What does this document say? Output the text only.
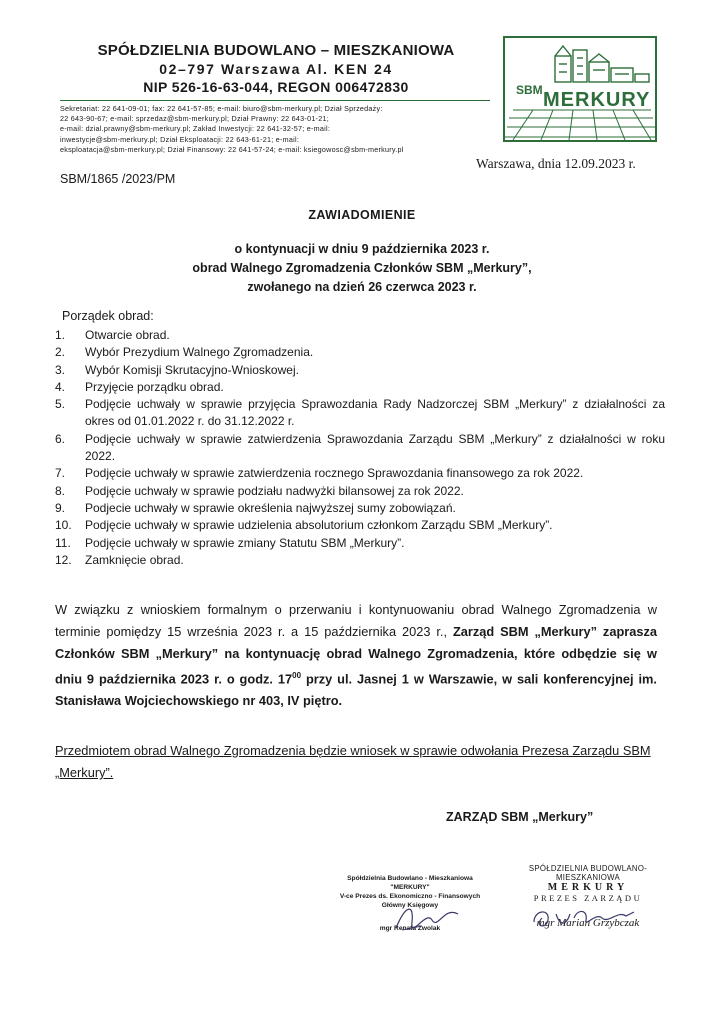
SPÓŁDZIELNIA BUDOWLANO – MIESZKANIOWA
02–797 Warszawa Al. KEN 24
NIP 526-16-63-044, REGON 006472830
Sekretariat: 22 641-09-01; fax: 22 641-57-85; e-mail: biuro@sbm-merkury.pl; Dział Sprzedaży:
22 643-90-67; e-mail: sprzedaz@sbm-merkury.pl; Dział Prawny: 22 643-01-21;
e-mail: dzial.prawny@sbm-merkury.pl; Zakład Inwestycji: 22 641-32-57; e-mail:
inwestycje@sbm-merkury.pl; Dział Eksploatacji: 22 643-61-21; e-mail:
eksploatacja@sbm-merkury.pl; Dział Finansowy: 22 641-57-24; e-mail: ksiegowosc@sbm-merkury.pl
SBM MERKURY
Warszawa, dnia 12.09.2023 r.
SBM/1865 /2023/PM
ZAWIADOMIENIE
o kontynuacji w dniu 9 października 2023 r.
obrad Walnego Zgromadzenia Członków SBM „Merkury”,
zwołanego na dzień 26 czerwca 2023 r.
Porządek obrad:
1. Otwarcie obrad.
2. Wybór Prezydium Walnego Zgromadzenia.
3. Wybór Komisji Skrutacyjno-Wnioskowej.
4. Przyjęcie porządku obrad.
5. Podjęcie uchwały w sprawie przyjęcia Sprawozdania Rady Nadzorczej SBM „Merkury” z działalności za okres od 01.01.2022 r. do 31.12.2022 r.
6. Podjęcie uchwały w sprawie zatwierdzenia Sprawozdania Zarządu SBM „Merkury” z działalności w roku 2022.
7. Podjęcie uchwały w sprawie zatwierdzenia rocznego Sprawozdania finansowego za rok 2022.
8. Podjęcie uchwały w sprawie podziału nadwyżki bilansowej za rok 2022.
9. Podjecie uchwały w sprawie określenia najwyższej sumy zobowiązań.
10. Podjęcie uchwały w sprawie udzielenia absolutorium członkom Zarządu SBM „Merkury”.
11. Podjęcie uchwały w sprawie zmiany Statutu SBM „Merkury”.
12. Zamknięcie obrad.
W związku z wnioskiem formalnym o przerwaniu i kontynuowaniu obrad Walnego Zgromadzenia w terminie pomiędzy 15 września 2023 r. a 15 października 2023 r., Zarząd SBM „Merkury” zaprasza Członków SBM „Merkury” na kontynuację obrad Walnego Zgromadzenia, które odbędzie się w dniu 9 października 2023 r. o godz. $17^{00}$ przy ul. Jasnej 1 w Warszawie, w sali konferencyjnej im. Stanisława Wojciechowskiego nr 403, IV piętro.
Przedmiotem obrad Walnego Zgromadzenia będzie wniosek w sprawie odwołania Prezesa Zarządu SBM „Merkury”.
ZARZĄD SBM „Merkury”
Spółdzielnia Budowlano - Mieszkaniowa
"MERKURY"
V-ce Prezes ds. Ekonomiczno - Finansowych
Główny Księgowy
mgr Renata Zwolak
SPÓŁDZIELNIA BUDOWLANO-MIESZKANIOWA
MERKURY
PREZES ZARZĄDU
mgr Marian Grzybczak
